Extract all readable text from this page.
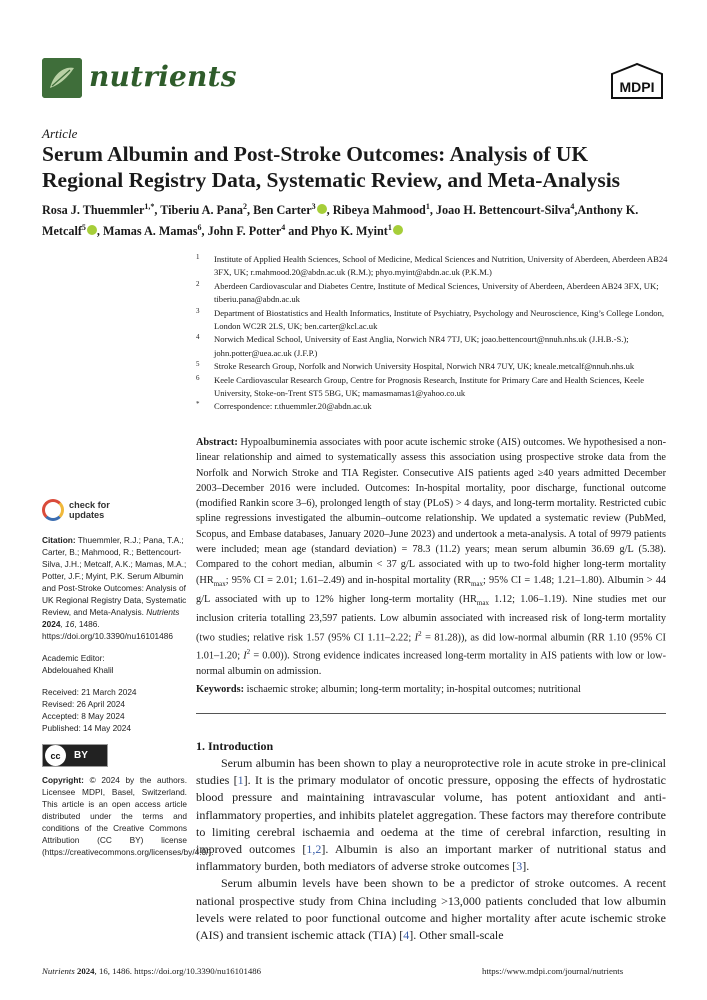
nutrients	MDPI
Article
Serum Albumin and Post-Stroke Outcomes: Analysis of UK Regional Registry Data, Systematic Review, and Meta-Analysis
Rosa J. Thuemmler$^{1,*}$, Tiberiu A. Pana$^2$, Ben Carter$^3$ , Ribeya Mahmood$^1$, Joao H. Bettencourt-Silva$^4$,Anthony K. Metcalf$^5$ , Mamas A. Mamas$^6$, John F. Potter$^4$ and Phyo K. Myint$^1$
1 Institute of Applied Health Sciences, School of Medicine, Medical Sciences and Nutrition, University of Aberdeen, Aberdeen AB24 3FX, UK; r.mahmood.20@abdn.ac.uk (R.M.); phyo.myint@abdn.ac.uk (P.K.M.)
2 Aberdeen Cardiovascular and Diabetes Centre, Institute of Medical Sciences, University of Aberdeen, Aberdeen AB24 3FX, UK; tiberiu.pana@abdn.ac.uk
3 Department of Biostatistics and Health Informatics, Institute of Psychiatry, Psychology and Neuroscience, King’s College London, London WC2R 2LS, UK; ben.carter@kcl.ac.uk
4 Norwich Medical School, University of East Anglia, Norwich NR4 7TJ, UK; joao.bettencourt@nnuh.nhs.uk (J.H.B.-S.); john.potter@uea.ac.uk (J.F.P.)
5 Stroke Research Group, Norfolk and Norwich University Hospital, Norwich NR4 7UY, UK; kneale.metcalf@nnuh.nhs.uk
6 Keele Cardiovascular Research Group, Centre for Prognosis Research, Institute for Primary Care and Health Sciences, Keele University, Stoke-on-Trent ST5 5BG, UK; mamasmamas1@yahoo.co.uk
* Correspondence: r.thuemmler.20@abdn.ac.uk
Abstract: Hypoalbuminemia associates with poor acute ischemic stroke (AIS) outcomes. We hypothesised a non-linear relationship and aimed to systematically assess this association using prospective stroke data from the Norfolk and Norwich Stroke and TIA Register. Consecutive AIS patients aged ≥40 years admitted December 2003–December 2016 were included. Outcomes: In-hospital mortality, poor discharge, functional outcome (modified Rankin score 3–6), prolonged length of stay (PLoS) > 4 days, and long-term mortality. Restricted cubic spline regressions investigated the albumin–outcome relationship. We updated a systematic review (PubMed, Scopus, and Embase databases, January 2020–June 2023) and undertook a meta-analysis. A total of 9979 patients were included; mean age (standard deviation) = 78.3 (11.2) years; mean serum albumin 36.69 g/L (5.38). Compared to the cohort median, albumin < 37 g/L associated with up to two-fold higher long-term mortality ($HR_{max}$; 95% CI = 2.01; 1.61–2.49) and in-hospital mortality ($RR_{max}$; 95% CI = 1.48; 1.21–1.80). Albumin > 44 g/L associated with up to 12% higher long-term mortality ($HR_{max}$ 1.12; 1.06–1.19). Nine studies met our inclusion criteria totalling 23,597 patients. Low albumin associated with increased risk of long-term mortality (two studies; relative risk 1.57 (95% CI 1.11–2.22; $I^2 = 81.28$)), as did low-normal albumin (RR 1.10 (95% CI 1.01–1.20; $I^2 = 0.00$)). Strong evidence indicates increased long-term mortality in AIS patients with low or low-normal albumin on admission.
Keywords: ischaemic stroke; albumin; long-term mortality; in-hospital outcomes; nutritional
1. Introduction

Serum albumin has been shown to play a neuroprotective role in acute stroke in pre-clinical studies [1]. It is the primary modulator of oncotic pressure, opposing the effects of hydrostatic blood pressure and maintaining intravascular volume, has potent antioxidant and anti-inflammatory properties, and inhibits platelet aggregation. These factors may therefore contribute to limiting cerebral ischaemia and oedema at the time of cerebral infarction, resulting in improved outcomes [1,2]. Albumin is also an important marker of nutritional status and inflammatory burden, both mediators of adverse stroke outcomes [3].

Serum albumin levels have been shown to be a predictor of stroke outcomes. A recent national prospective study from China including >13,000 patients concluded that low albumin levels were related to poor functional outcome and higher mortality after acute ischemic stroke (AIS) and transient ischemic attack (TIA) [4]. Other small-scale

check for
updates
Citation: Thuemmler, R.J.; Pana, T.A.; Carter, B.; Mahmood, R.; Bettencourt-Silva, J.H.; Metcalf, A.K.; Mamas, M.A.; Potter, J.F.; Myint, P.K. Serum Albumin and Post-Stroke Outcomes: Analysis of UK Regional Registry Data, Systematic Review, and Meta-Analysis. Nutrients 2024, 16, 1486. https://doi.org/10.3390/nu16101486
Academic Editor:
Abdelouahed Khalil
Received: 21 March 2024
Revised: 26 April 2024
Accepted: 8 May 2024
Published: 14 May 2024
cc	BY
Copyright: © 2024 by the authors. Licensee MDPI, Basel, Switzerland. This article is an open access article distributed under the terms and conditions of the Creative Commons Attribution (CC BY) license (https://creativecommons.org/licenses/by/4.0/).
Nutrients 2024, 16, 1486. https://doi.org/10.3390/nu16101486	https://www.mdpi.com/journal/nutrients
